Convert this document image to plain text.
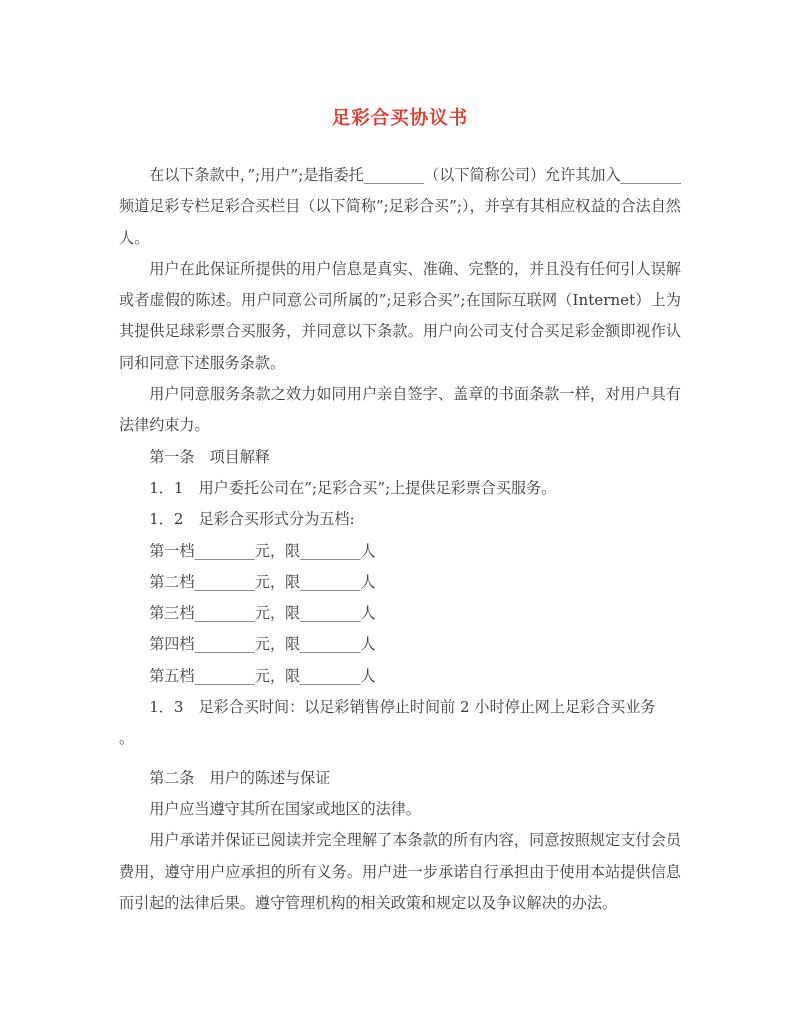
足彩合买协议书

在以下条款中，”;用户”;是指委托________（以下简称公司）允许其加入________频道足彩专栏足彩合买栏目（以下简称”;足彩合买”;），并享有其相应权益的合法自然人。

用户在此保证所提供的用户信息是真实、准确、完整的，并且没有任何引人误解或者虚假的陈述。用户同意公司所属的”;足彩合买”;在国际互联网（Internet）上为其提供足球彩票合买服务，并同意以下条款。用户向公司支付合买足彩金额即视作认同和同意下述服务条款。

用户同意服务条款之效力如同用户亲自签字、盖章的书面条款一样，对用户具有法律约束力。

第一条　项目解释

1．1　用户委托公司在”;足彩合买”;上提供足彩票合买服务。

1．2　足彩合买形式分为五档:

第一档________元，限________人

第二档________元，限________人

第三档________元，限________人

第四档________元，限________人

第五档________元，限________人

1．3　足彩合买时间：以足彩销售停止时间前 2 小时停止网上足彩合买业务

。

第二条　用户的陈述与保证

用户应当遵守其所在国家或地区的法律。

用户承诺并保证已阅读并完全理解了本条款的所有内容，同意按照规定支付会员费用，遵守用户应承担的所有义务。用户进一步承诺自行承担由于使用本站提供信息而引起的法律后果。遵守管理机构的相关政策和规定以及争议解决的办法。
